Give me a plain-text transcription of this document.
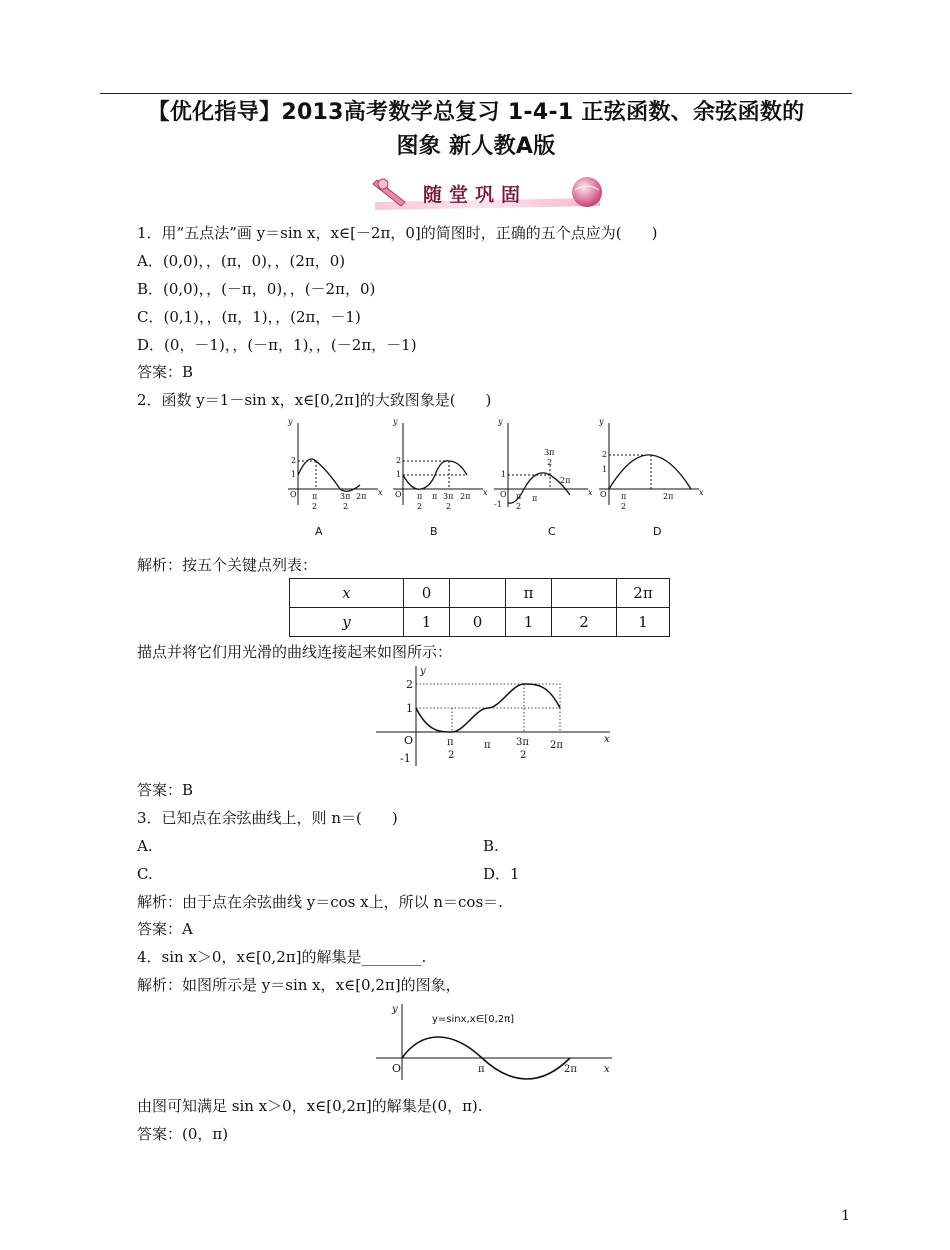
【优化指导】2013高考数学总复习 1-4-1 正弦函数、余弦函数的
图象 新人教A版
随堂巩固
1．用“五点法”画 y＝sin x，x∈[－2π，0]的简图时，正确的五个点应为(　　)
A．(0,0)，，(π，0)，，(2π，0)
B．(0,0)，，(－π，0)，，(－2π，0)
C．(0,1)，，(π，1)，，(2π，－1)
D．(0，－1)，，(－π，1)，，(－2π，－1)
答案：B
2．函数 y＝1－sin x，x∈[0,2π]的大致图象是(　　)
y
x
O
2
1
π
2
3π
2
2π
A
y
x
O
2
1
π
2
π 3π
2
2π
B
y
x
O
1
-1
3π
2
2π
π
2
π
C
y
x
O
2
1
π
2
2π
D
解析：按五个关键点列表：
x	0		π		2π
y	1	0	1	2	1
描点并将它们用光滑的曲线连接起来如图所示：
y
x
2
1
O
-1
π
2
π	3π
2
2π
答案：B
3．已知点在余弦曲线上，则 n＝(　　)
A.	B.
C.	D．1
解析：由于点在余弦曲线 y＝cos x上，所以 n＝cos＝.
答案：A
4．sin x＞0，x∈[0,2π]的解集是________.
解析：如图所示是 y＝sin x，x∈[0,2π]的图象，
y
x
O
y=sinx,x∈[0,2π]
π	2π
由图可知满足 sin x＞0，x∈[0,2π]的解集是(0，π).
答案：(0，π)
1
